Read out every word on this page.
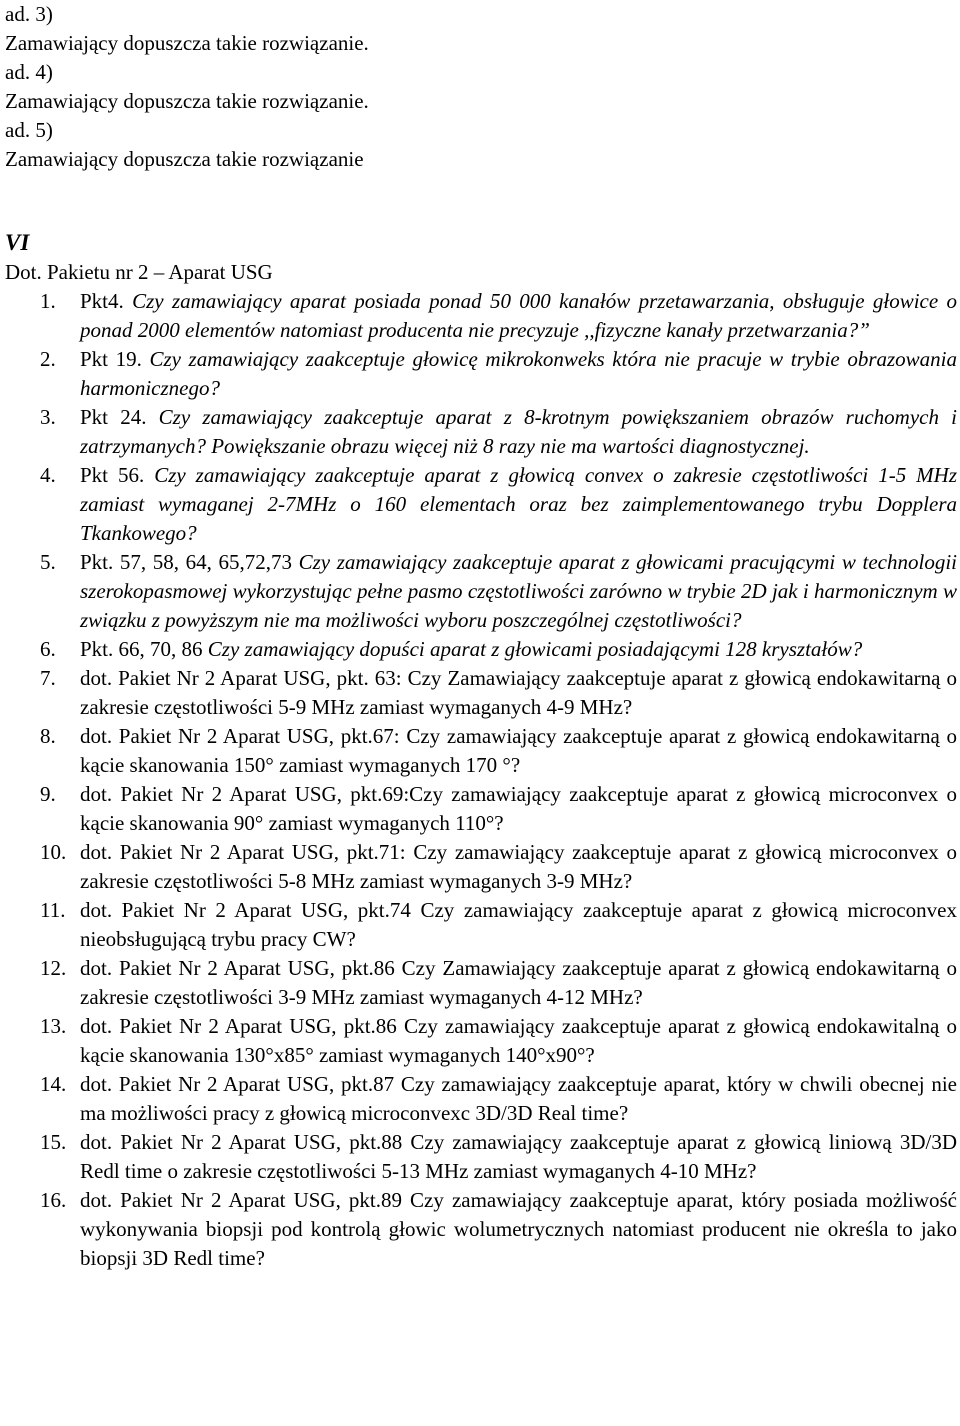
ad. 3)

Zamawiający dopuszcza takie rozwiązanie.

ad. 4)

Zamawiający dopuszcza takie rozwiązanie.

ad. 5)

Zamawiający dopuszcza takie rozwiązanie

VI
Dot. Pakietu nr 2 – Aparat USG
1.	Pkt4. Czy zamawiający aparat posiada ponad 50 000 kanałów przetawarzania, obsługuje głowice o ponad 2000 elementów natomiast producenta nie precyzuje ,,fizyczne kanały przetwarzania?”
2.	Pkt 19. Czy zamawiający zaakceptuje głowicę mikrokonweks która nie pracuje w trybie obrazowania harmonicznego?
3.	Pkt 24. Czy zamawiający zaakceptuje aparat z 8-krotnym powiększaniem obrazów ruchomych i zatrzymanych? Powiększanie obrazu więcej niż 8 razy nie ma wartości diagnostycznej.
4.	Pkt 56. Czy zamawiający zaakceptuje aparat z głowicą convex o zakresie częstotliwości 1-5 MHz zamiast wymaganej 2-7MHz o 160 elementach oraz bez zaimplementowanego trybu Dopplera Tkankowego?
5.	Pkt. 57, 58, 64, 65,72,73 Czy zamawiający zaakceptuje aparat z głowicami pracującymi w technologii szerokopasmowej wykorzystując pełne pasmo częstotliwości zarówno w trybie 2D jak i harmonicznym w związku z powyższym nie ma możliwości wyboru poszczególnej częstotliwości?
6.	Pkt. 66, 70, 86 Czy zamawiający dopuści aparat z głowicami posiadającymi 128 kryształów?
7.	dot. Pakiet Nr 2 Aparat USG, pkt. 63: Czy Zamawiający zaakceptuje aparat z głowicą endokawitarną o zakresie częstotliwości 5-9 MHz zamiast wymaganych 4-9 MHz?
8.	dot. Pakiet Nr 2 Aparat USG, pkt.67: Czy zamawiający zaakceptuje aparat z głowicą endokawitarną o kącie skanowania 150° zamiast wymaganych 170 °?
9.	dot. Pakiet Nr 2 Aparat USG, pkt.69:Czy zamawiający zaakceptuje aparat z głowicą microconvex o kącie skanowania 90° zamiast wymaganych 110°?
10. dot. Pakiet Nr 2 Aparat USG, pkt.71: Czy zamawiający zaakceptuje aparat z głowicą microconvex o zakresie częstotliwości 5-8 MHz zamiast wymaganych 3-9 MHz?
11. dot. Pakiet Nr 2 Aparat USG, pkt.74 Czy zamawiający zaakceptuje aparat z głowicą microconvex nieobsługującą trybu pracy CW?
12. dot. Pakiet Nr 2 Aparat USG, pkt.86 Czy Zamawiający zaakceptuje aparat z głowicą endokawitarną o zakresie częstotliwości 3-9 MHz zamiast wymaganych 4-12 MHz?
13. dot. Pakiet Nr 2 Aparat USG, pkt.86 Czy zamawiający zaakceptuje aparat z głowicą endokawitalną o kącie skanowania 130°x85° zamiast wymaganych 140°x90°?
14. dot. Pakiet Nr 2 Aparat USG, pkt.87 Czy zamawiający zaakceptuje aparat, który w chwili obecnej nie ma możliwości pracy z głowicą microconvexc 3D/3D Real time?
15. dot. Pakiet Nr 2 Aparat USG, pkt.88 Czy zamawiający zaakceptuje aparat z głowicą liniową 3D/3D Redl time o zakresie częstotliwości 5-13 MHz zamiast wymaganych 4-10 MHz?
16. dot. Pakiet Nr 2 Aparat USG, pkt.89 Czy zamawiający zaakceptuje aparat, który posiada możliwość wykonywania biopsji pod kontrolą głowic wolumetrycznych natomiast producent nie określa to jako biopsji 3D Redl time?
